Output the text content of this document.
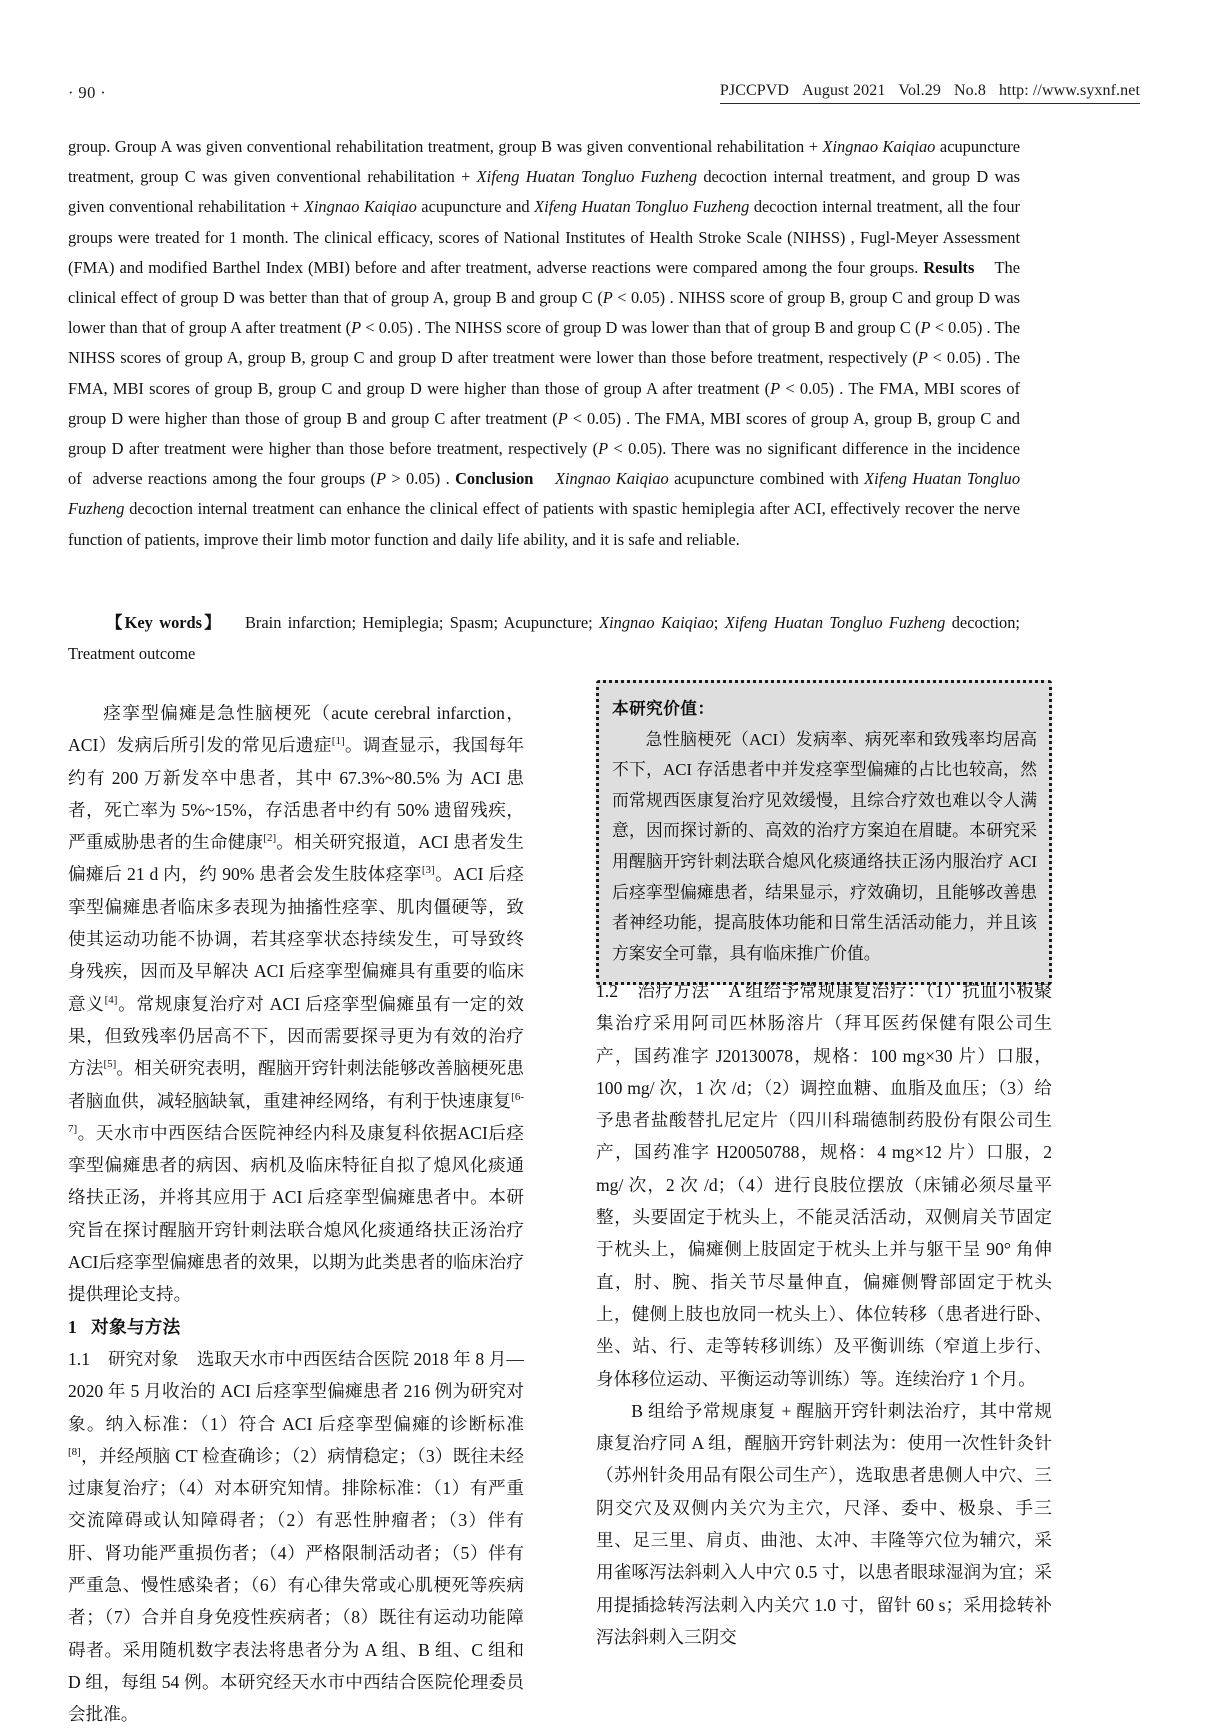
· 90 ·	PJCCPVD August 2021 Vol.29 No.8 http: //www.syxnf.net

group. Group A was given conventional rehabilitation treatment, group B was given conventional rehabilitation + Xingnao Kaiqiao acupuncture treatment, group C was given conventional rehabilitation + Xifeng Huatan Tongluo Fuzheng decoction internal treatment, and group D was given conventional rehabilitation + Xingnao Kaiqiao acupuncture and Xifeng Huatan Tongluo Fuzheng decoction internal treatment, all the four groups were treated for 1 month. The clinical efficacy, scores of National Institutes of Health Stroke Scale (NIHSS) , Fugl-Meyer Assessment (FMA) and modified Barthel Index (MBI) before and after treatment, adverse reactions were compared among the four groups. Results    The clinical effect of group D was better than that of group A, group B and group C (P < 0.05) . NIHSS score of group B, group C and group D was lower than that of group A after treatment (P < 0.05) . The NIHSS score of group D was lower than that of group B and group C (P < 0.05) . The NIHSS scores of group A, group B, group C and group D after treatment were lower than those before treatment, respectively (P < 0.05) . The FMA, MBI scores of group B, group C and group D were higher than those of group A after treatment (P < 0.05) . The FMA, MBI scores of group D were higher than those of group B and group C after treatment (P < 0.05) . The FMA, MBI scores of group A, group B, group C and group D after treatment were higher than those before treatment, respectively (P < 0.05). There was no significant difference in the incidence of  adverse reactions among the four groups (P > 0.05) . Conclusion Xingnao Kaiqiao acupuncture combined with Xifeng Huatan Tongluo Fuzheng decoction internal treatment can enhance the clinical effect of patients with spastic hemiplegia after ACI, effectively recover the nerve function of patients, improve their limb motor function and daily life ability, and it is safe and reliable.

【Key words】 Brain infarction; Hemiplegia; Spasm; Acupuncture; Xingnao Kaiqiao; Xifeng Huatan Tongluo Fuzheng decoction; Treatment outcome

痉挛型偏瘫是急性脑梗死（acute cerebral infarction，ACI）发病后所引发的常见后遗症[1]。调查显示，我国每年约有 200 万新发卒中患者，其中 67.3%~80.5% 为 ACI 患者，死亡率为 5%~15%，存活患者中约有 50% 遗留残疾，严重威胁患者的生命健康[2]。相关研究报道，ACI 患者发生偏瘫后 21 d 内，约 90% 患者会发生肢体痉挛[3]。ACI 后痉挛型偏瘫患者临床多表现为抽搐性痉挛、肌肉僵硬等，致使其运动功能不协调，若其痉挛状态持续发生，可导致终身残疾，因而及早解决 ACI 后痉挛型偏瘫具有重要的临床意义[4]。常规康复治疗对 ACI 后痉挛型偏瘫虽有一定的效果，但致残率仍居高不下，因而需要探寻更为有效的治疗方法[5]。相关研究表明，醒脑开窍针刺法能够改善脑梗死患者脑血供，减轻脑缺氧，重建神经网络，有利于快速康复[6-7]。天水市中西医结合医院神经内科及康复科依据ACI后痉挛型偏瘫患者的病因、病机及临床特征自拟了熄风化痰通络扶正汤，并将其应用于 ACI 后痉挛型偏瘫患者中。本研究旨在探讨醒脑开窍针刺法联合熄风化痰通络扶正汤治疗ACI后痉挛型偏瘫患者的效果，以期为此类患者的临床治疗提供理论支持。

1 对象与方法

1.1 研究对象 选取天水市中西医结合医院 2018 年 8 月—2020 年 5 月收治的 ACI 后痉挛型偏瘫患者 216 例为研究对象。纳入标准：（1）符合 ACI 后痉挛型偏瘫的诊断标准[8]，并经颅脑 CT 检查确诊；（2）病情稳定；（3）既往未经过康复治疗；（4）对本研究知情。排除标准：（1）有严重交流障碍或认知障碍者；（2）有恶性肿瘤者；（3）伴有肝、肾功能严重损伤者；（4）严格限制活动者；（5）伴有严重急、慢性感染者；（6）有心律失常或心肌梗死等疾病者；（7）合并自身免疫性疾病者；（8）既往有运动功能障碍者。采用随机数字表法将患者分为 A 组、B 组、C 组和 D 组，每组 54 例。本研究经天水市中西结合医院伦理委员会批准。

本研究价值：

急性脑梗死（ACI）发病率、病死率和致残率均居高不下，ACI 存活患者中并发痉挛型偏瘫的占比也较高，然而常规西医康复治疗见效缓慢，且综合疗效也难以令人满意，因而探讨新的、高效的治疗方案迫在眉睫。本研究采用醒脑开窍针刺法联合熄风化痰通络扶正汤内服治疗 ACI 后痉挛型偏瘫患者，结果显示，疗效确切，且能够改善患者神经功能，提高肢体功能和日常生活活动能力，并且该方案安全可靠，具有临床推广价值。

1.2 治疗方法 A 组给予常规康复治疗：（1）抗血小板聚集治疗采用阿司匹林肠溶片（拜耳医药保健有限公司生产，国药准字 J20130078，规格：100 mg×30 片）口服，100 mg/ 次，1 次 /d；（2）调控血糖、血脂及血压；（3）给予患者盐酸替扎尼定片（四川科瑞德制药股份有限公司生产，国药准字 H20050788，规格：4 mg×12 片）口服，2 mg/ 次，2 次 /d；（4）进行良肢位摆放（床铺必须尽量平整，头要固定于枕头上，不能灵活活动，双侧肩关节固定于枕头上，偏瘫侧上肢固定于枕头上并与躯干呈 90° 角伸直，肘、腕、指关节尽量伸直，偏瘫侧臀部固定于枕头上，健侧上肢也放同一枕头上）、体位转移（患者进行卧、坐、站、行、走等转移训练）及平衡训练（窄道上步行、身体移位运动、平衡运动等训练）等。连续治疗 1 个月。

B 组给予常规康复 + 醒脑开窍针刺法治疗，其中常规康复治疗同 A 组，醒脑开窍针刺法为：使用一次性针灸针（苏州针灸用品有限公司生产），选取患者患侧人中穴、三阴交穴及双侧内关穴为主穴，尺泽、委中、极泉、手三里、足三里、肩贞、曲池、太冲、丰隆等穴位为辅穴，采用雀啄泻法斜刺入人中穴 0.5 寸，以患者眼球湿润为宜；采用提插捻转泻法刺入内关穴 1.0 寸，留针 60 s；采用捻转补泻法斜刺入三阴交
